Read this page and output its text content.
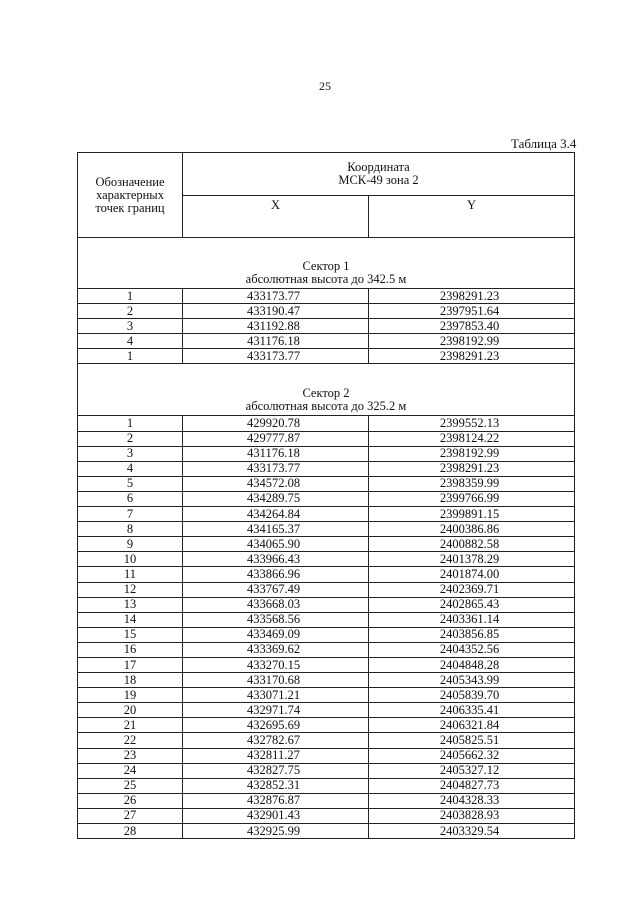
25
Таблица 3.4
Обозначение
характерных
точек границ	Координата
МСК-49 зона 2	

	X	Y

Сектор 1
абсолютная высота до 342.5 м		

1	433173.77	2398291.23
2	433190.47	2397951.64
3	431192.88	2397853.40
4	431176.18	2398192.99
1	433173.77	2398291.23

Сектор 2
абсолютная высота до 325.2 м		

1	429920.78	2399552.13
2	429777.87	2398124.22
3	431176.18	2398192.99
4	433173.77	2398291.23
5	434572.08	2398359.99
6	434289.75	2399766.99
7	434264.84	2399891.15
8	434165.37	2400386.86
9	434065.90	2400882.58
10	433966.43	2401378.29
11	433866.96	2401874.00
12	433767.49	2402369.71
13	433668.03	2402865.43
14	433568.56	2403361.14
15	433469.09	2403856.85
16	433369.62	2404352.56
17	433270.15	2404848.28
18	433170.68	2405343.99
19	433071.21	2405839.70
20	432971.74	2406335.41
21	432695.69	2406321.84
22	432782.67	2405825.51
23	432811.27	2405662.32
24	432827.75	2405327.12
25	432852.31	2404827.73
26	432876.87	2404328.33
27	432901.43	2403828.93
28	432925.99	2403329.54
